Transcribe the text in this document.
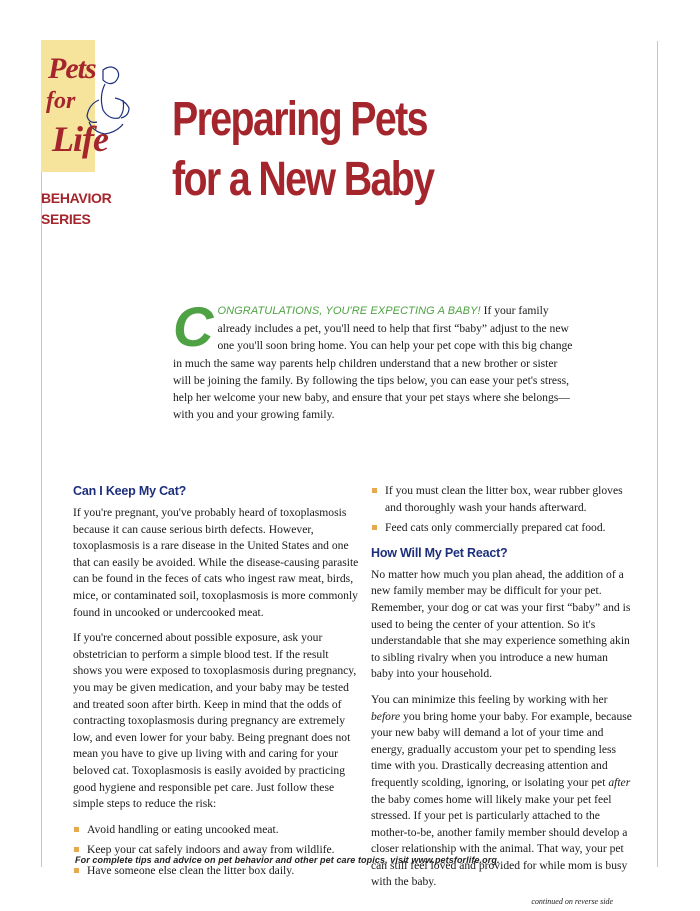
Pets
for
Life
BEHAVIOR
SERIES
Preparing Pets
for a New Baby
CONGRATULATIONS, YOU'RE EXPECTING A BABY! If your family already includes a pet, you'll need to help that first “baby” adjust to the new one you'll soon bring home. You can help your pet cope with this big change in much the same way parents help children understand that a new brother or sister will be joining the family. By following the tips below, you can ease your pet's stress, help her welcome your new baby, and ensure that your pet stays where she belongs—with you and your growing family.
Can I Keep My Cat?

If you're pregnant, you've probably heard of toxoplasmosis because it can cause serious birth defects. However, toxoplasmosis is a rare disease in the United States and one that can easily be avoided. While the disease-causing parasite can be found in the feces of cats who ingest raw meat, birds, mice, or contaminated soil, toxoplasmosis is more commonly found in uncooked or undercooked meat.

If you're concerned about possible exposure, ask your obstetrician to perform a simple blood test. If the result shows you were exposed to toxoplasmosis during pregnancy, you may be given medication, and your baby may be tested and treated soon after birth. Keep in mind that the odds of contracting toxoplasmosis during pregnancy are extremely low, and even lower for your baby. Being pregnant does not mean you have to give up living with and caring for your beloved cat. Toxoplasmosis is easily avoided by practicing good hygiene and responsible pet care. Just follow these simple steps to reduce the risk:

Avoid handling or eating uncooked meat.
Keep your cat safely indoors and away from wildlife.
Have someone else clean the litter box daily.
If you must clean the litter box, wear rubber gloves and thoroughly wash your hands afterward.
Feed cats only commercially prepared cat food.
How Will My Pet React?

No matter how much you plan ahead, the addition of a new family member may be difficult for your pet. Remember, your dog or cat was your first “baby” and is used to being the center of your attention. So it's understandable that she may experience something akin to sibling rivalry when you introduce a new human baby into your household.

You can minimize this feeling by working with her before you bring home your baby. For example, because your new baby will demand a lot of your time and energy, gradually accustom your pet to spending less time with you. Drastically decreasing attention and frequently scolding, ignoring, or isolating your pet after the baby comes home will likely make your pet feel stressed. If your pet is particularly attached to the mother-to-be, another family member should develop a closer relationship with the animal. That way, your pet can still feel loved and provided for while mom is busy with the baby.

continued on reverse side
For complete tips and advice on pet behavior and other pet care topics, visit www.petsforlife.org.
